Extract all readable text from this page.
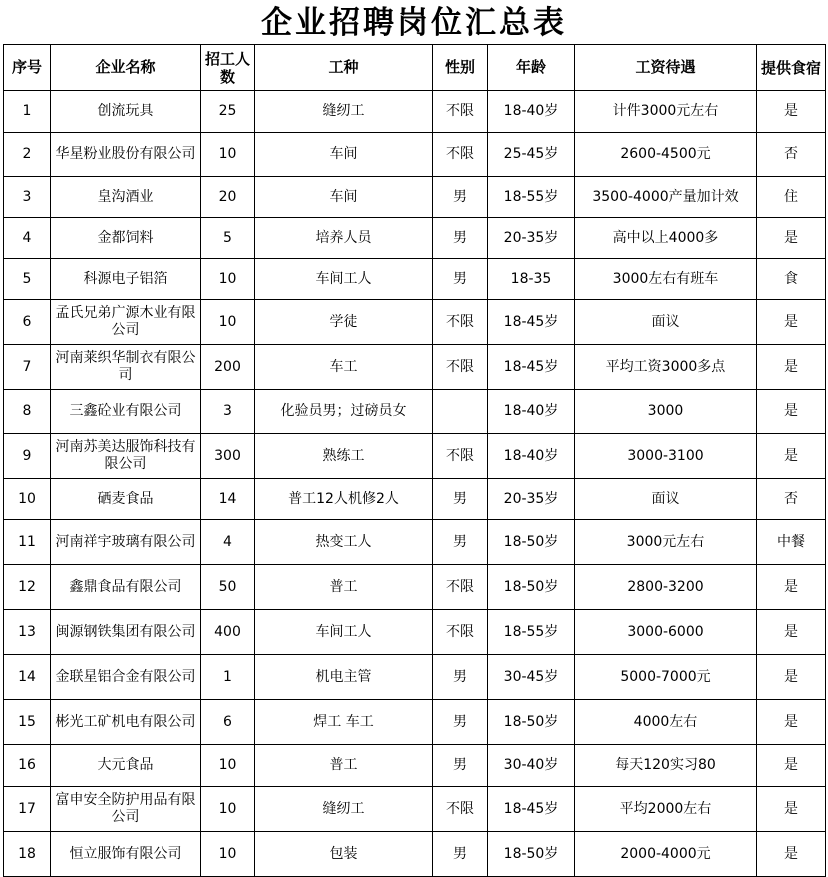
企业招聘岗位汇总表
序号	企业名称	招工人数	工种	性别	年龄	工资待遇	提供食宿
1	创流玩具	25	缝纫工	不限	18-40岁	计件3000元左右	是
2	华星粉业股份有限公司	10	车间	不限	25-45岁	2600-4500元	否
3	皇沟酒业	20	车间	男	18-55岁	3500-4000产量加计效	住
4	金都饲料	5	培养人员	男	20-35岁	高中以上4000多	是
5	科源电子铝箔	10	车间工人	男	18-35	3000左右有班车	食
6	孟氏兄弟广源木业有限公司	10	学徒	不限	18-45岁	面议	是
7	河南莱织华制衣有限公司	200	车工	不限	18-45岁	平均工资3000多点	是
8	三鑫砼业有限公司	3	化验员男；过磅员女		18-40岁	3000	是
9	河南苏美达服饰科技有限公司	300	熟练工	不限	18-40岁	3000-3100	是
10	硒麦食品	14	普工12人机修2人	男	20-35岁	面议	否
11	河南祥宇玻璃有限公司	4	热变工人	男	18-50岁	3000元左右	中餐
12	鑫鼎食品有限公司	50	普工	不限	18-50岁	2800-3200	是
13	闽源钢铁集团有限公司	400	车间工人	不限	18-55岁	3000-6000	是
14	金联星铝合金有限公司	1	机电主管	男	30-45岁	5000-7000元	是
15	彬光工矿机电有限公司	6	焊工 车工	男	18-50岁	4000左右	是
16	大元食品	10	普工	男	30-40岁	每天120实习80	是
17	富申安全防护用品有限公司	10	缝纫工	不限	18-45岁	平均2000左右	是
18	恒立服饰有限公司	10	包装	男	18-50岁	2000-4000元	是
